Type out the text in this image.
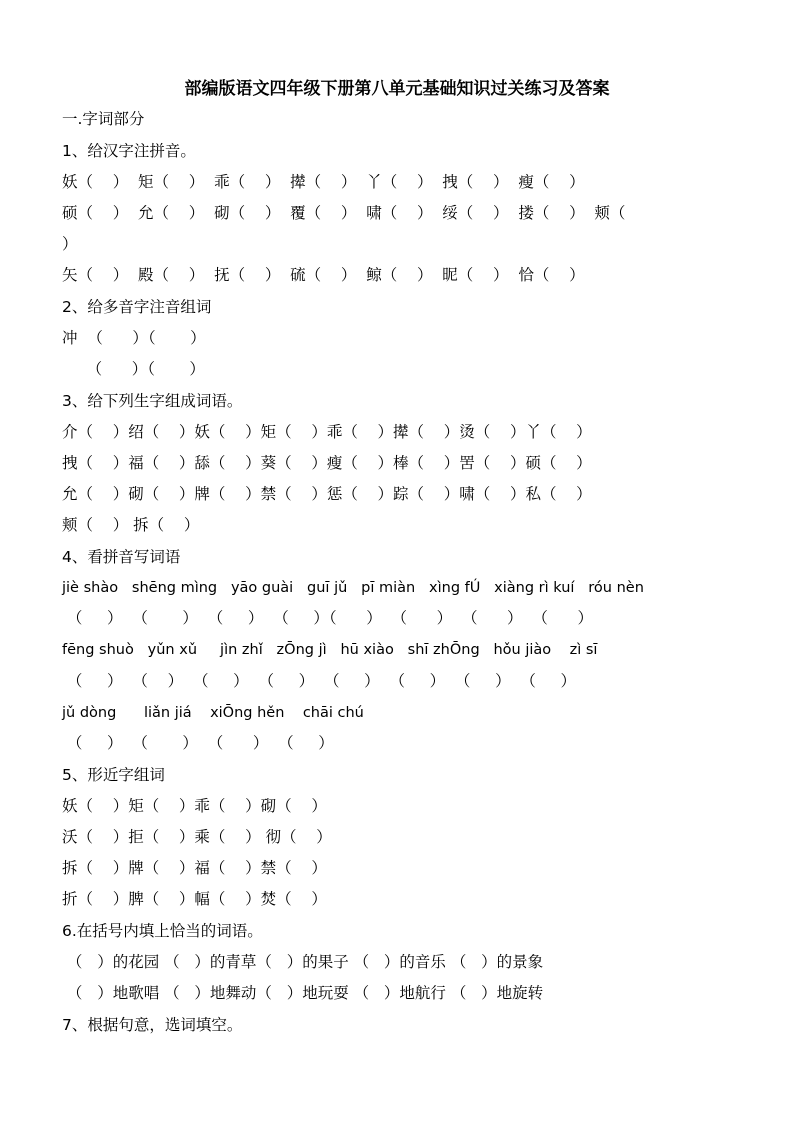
部编版语文四年级下册第八单元基础知识过关练习及答案
一.字词部分
1、给汉字注拼音。
妖（    ）  矩（    ）  乖（    ）  撵（    ）  丫（    ）  拽（    ）  瘦（    ）
硕（    ）  允（    ）  砌（    ）  覆（    ）  啸（    ）  绥（    ）  搂（    ）  颊（
）
矢（    ）  殿（    ）  抚（    ）  硫（    ）  鲸（    ）  昵（    ）  恰（    ）
2、给多音字注音组词
冲  （      ）（       ）
（      ）（       ）
3、给下列生字组成词语。
介（    ）绍（    ）妖（    ）矩（    ）乖（    ）撵（    ）烫（    ）丫（    ）
拽（    ）福（    ）舔（    ）葵（    ）瘦（    ）棒（    ）罟（    ）硕（    ）
允（    ）砌（    ）牌（    ）禁（    ）惩（    ）踪（    ）啸（    ）私（    ）
颊（    ） 拆（    ）
4、看拼音写词语
jiè shào   shēng mìng   yāo guài   guī jǔ   pī miàn   xìng fÚ   xiàng rì kuí   róu nèn
（     ）  （       ）  （     ）  （     ）（      ）  （      ）  （      ）  （      ）
fēng shuò   yǔn xǔ     jìn zhǐ   zŌng jì   hū xiào   shī zhŌng   hǒu jiào    zì sī
（     ）  （    ）  （     ）  （     ）  （     ）  （     ）  （     ）  （     ）
jǔ dòng      liǎn jiá    xiŌng hěn    chāi chú
（     ）  （       ）  （      ）  （     ）
5、形近字组词
妖（    ）矩（    ）乖（    ）砌（    ）
沃（    ）拒（    ）乘（    ） 彻（    ）
拆（    ）牌（    ）福（    ）禁（    ）
折（    ）脾（    ）幅（    ）焚（    ）
6.在括号内填上恰当的词语。
（   ）的花园 （   ）的青草（   ）的果子 （   ）的音乐 （   ）的景象
（   ）地歌唱 （   ）地舞动（   ）地玩耍 （   ）地航行 （   ）地旋转
7、根据句意，选词填空。
